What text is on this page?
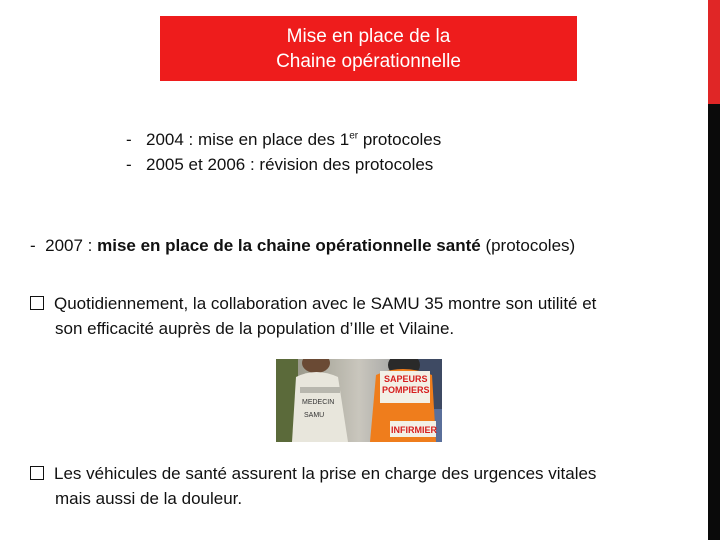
Mise en place de la
Chaine opérationnelle
- 2004 : mise en place des 1er protocoles
- 2005 et 2006 : révision des protocoles
- 2007 : mise en place de la chaine opérationnelle santé (protocoles)
Quotidiennement, la collaboration avec le SAMU 35 montre son utilité et
son efficacité auprès de la population d’Ille et Vilaine.
MEDECIN
SAMU
SAPEURS
POMPIERS
INFIRMIER
Les véhicules de santé assurent la prise en charge des urgences vitales
mais aussi de la douleur.
